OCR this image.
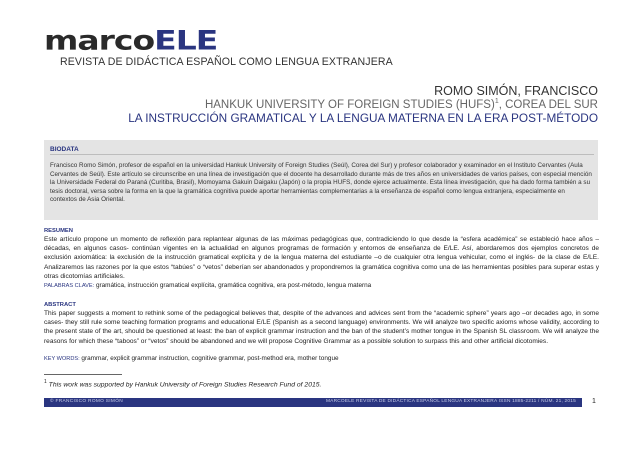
marcoELE
REVISTA DE DIDÁCTICA ESPAÑOL COMO LENGUA EXTRANJERA
ROMO SIMÓN, FRANCISCO
HANKUK UNIVERSITY OF FOREIGN STUDIES (HUFS)$^1$, COREA DEL SUR
LA INSTRUCCIÓN GRAMATICAL Y LA LENGUA MATERNA EN LA ERA POST-MÉTODO
BIODATA
Francisco Romo Simón, profesor de español en la universidad Hankuk University of Foreign Studies (Seúl), Corea del Sur) y profesor colaborador y examinador en el Instituto Cervantes (Aula Cervantes de Seúl). Este artículo se circunscribe en una línea de investigación que el docente ha desarrollado durante más de tres años en universidades de varios países, con especial mención la Universidade Federal do Paraná (Curitiba, Brasil), Momoyama Gakuin Daigaku (Japón) o la propia HUFS, donde ejerce actualmente. Esta línea investigación, que ha dado forma también a su tesis doctoral, versa sobre la forma en la que la gramática cognitiva puede aportar herramientas complementarias a la enseñanza de español como lengua extranjera, especialmente en contextos de Asia Oriental.
RESUMEN
Este artículo propone un momento de reflexión para replantear algunas de las máximas pedagógicas que, contradiciendo lo que desde la “esfera académica” se estableció hace años –décadas, en algunos casos- continúan vigentes en la actualidad en algunos programas de formación y entornos de enseñanza de E/LE. Así, abordaremos dos ejemplos concretos de exclusión axiomática: la exclusión de la instrucción gramatical explícita y de la lengua materna del estudiante –o de cualquier otra lengua vehicular, como el inglés- de la clase de E/LE. Analizaremos las razones por la que estos “tabúes” o “vetos” deberían ser abandonados y propondremos la gramática cognitiva como una de las herramientas posibles para superar estas y otras dicotomías artificiales.
PALABRAS CLAVE: gramática, instrucción gramatical explícita, gramática cognitiva, era post-método, lengua materna
ABSTRACT
This paper suggests a moment to rethink some of the pedagogical believes that, despite of the advances and advices sent from the “academic sphere” years ago –or decades ago, in some cases- they still rule some teaching formation programs and educational E/LE (Spanish as a second language) environments. We will analyze two specific axioms whose validity, according to the present state of the art, should be questioned at least: the ban of explicit grammar instruction and the ban of the student’s mother tongue in the Spanish SL classroom. We will analyze the reasons for which these “taboos” or “vetos” should be abandoned and we will propose Cognitive Grammar as a possible solution to surpass this and other artificial dicotomies.
KEY WORDS: grammar, explicit grammar instruction, cognitive grammar, post-method era, mother tongue
$^1$ This work was supported by Hankuk University of Foreign Studies Research Fund of 2015.
© FRANCISCO ROMO SIMÓN	MARCOELE REVISTA DE DIDÁCTICA ESPAÑOL LENGUA EXTRANJERA ISSN 1885-2211 / NÚM. 21, 2015 1
